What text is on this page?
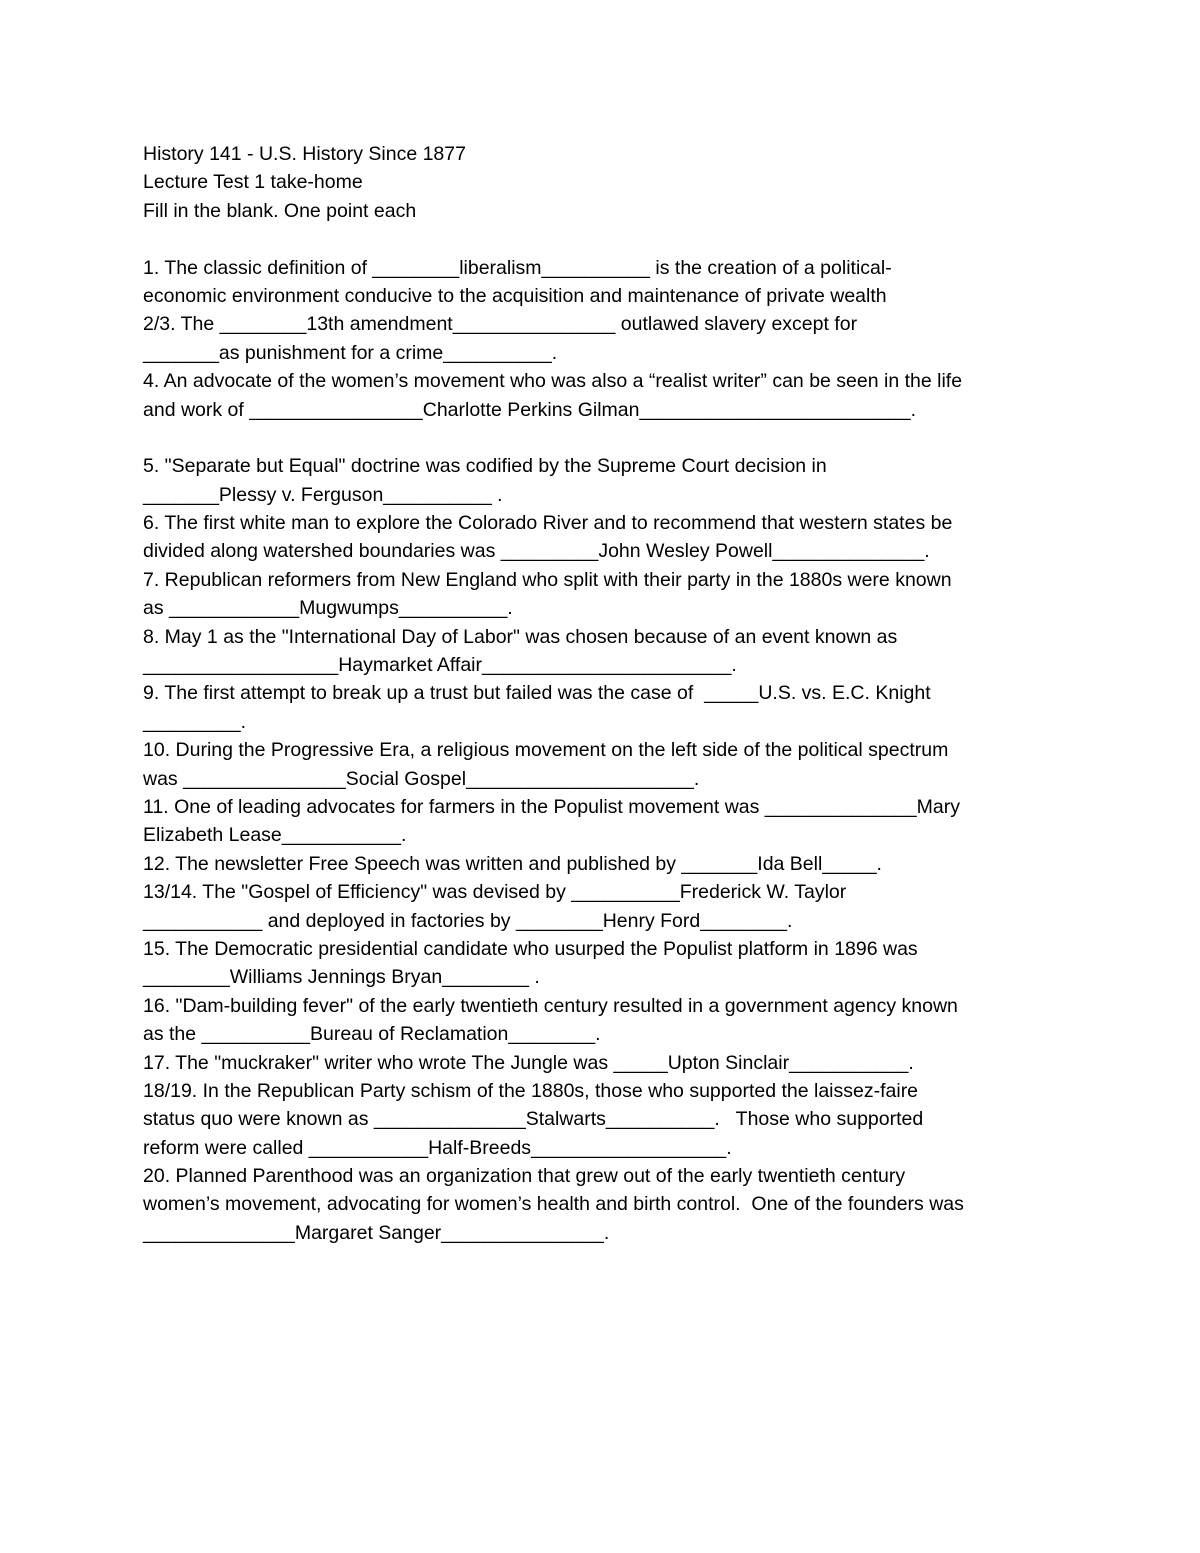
History 141 - U.S. History Since 1877
Lecture Test 1 take-home
Fill in the blank. One point each
1. The classic definition of ________liberalism__________ is the creation of a political-
economic environment conducive to the acquisition and maintenance of private wealth
2/3. The ________13th amendment_______________ outlawed slavery except for
_______as punishment for a crime__________.
4. An advocate of the women’s movement who was also a “realist writer” can be seen in the life
and work of ________________Charlotte Perkins Gilman_________________________.
5. "Separate but Equal" doctrine was codified by the Supreme Court decision in
_______Plessy v. Ferguson__________ .
6. The first white man to explore the Colorado River and to recommend that western states be
divided along watershed boundaries was _________John Wesley Powell______________.
7. Republican reformers from New England who split with their party in the 1880s were known
as ____________Mugwumps__________.
8. May 1 as the "International Day of Labor" was chosen because of an event known as
__________________Haymarket Affair_______________________.
9. The first attempt to break up a trust but failed was the case of  _____U.S. vs. E.C. Knight
_________.
10. During the Progressive Era, a religious movement on the left side of the political spectrum
was _______________Social Gospel_____________________.
11. One of leading advocates for farmers in the Populist movement was ______________Mary
Elizabeth Lease___________.
12. The newsletter Free Speech was written and published by _______Ida Bell_____.
13/14. The "Gospel of Efficiency" was devised by __________Frederick W. Taylor
___________ and deployed in factories by ________Henry Ford________.
15. The Democratic presidential candidate who usurped the Populist platform in 1896 was
________Williams Jennings Bryan________ .
16. "Dam-building fever" of the early twentieth century resulted in a government agency known
as the __________Bureau of Reclamation________.
17. The "muckraker" writer who wrote The Jungle was _____Upton Sinclair___________.
18/19. In the Republican Party schism of the 1880s, those who supported the laissez-faire
status quo were known as ______________Stalwarts__________.   Those who supported
reform were called ___________Half-Breeds__________________.
20. Planned Parenthood was an organization that grew out of the early twentieth century
women’s movement, advocating for women’s health and birth control.  One of the founders was
______________Margaret Sanger_______________.
